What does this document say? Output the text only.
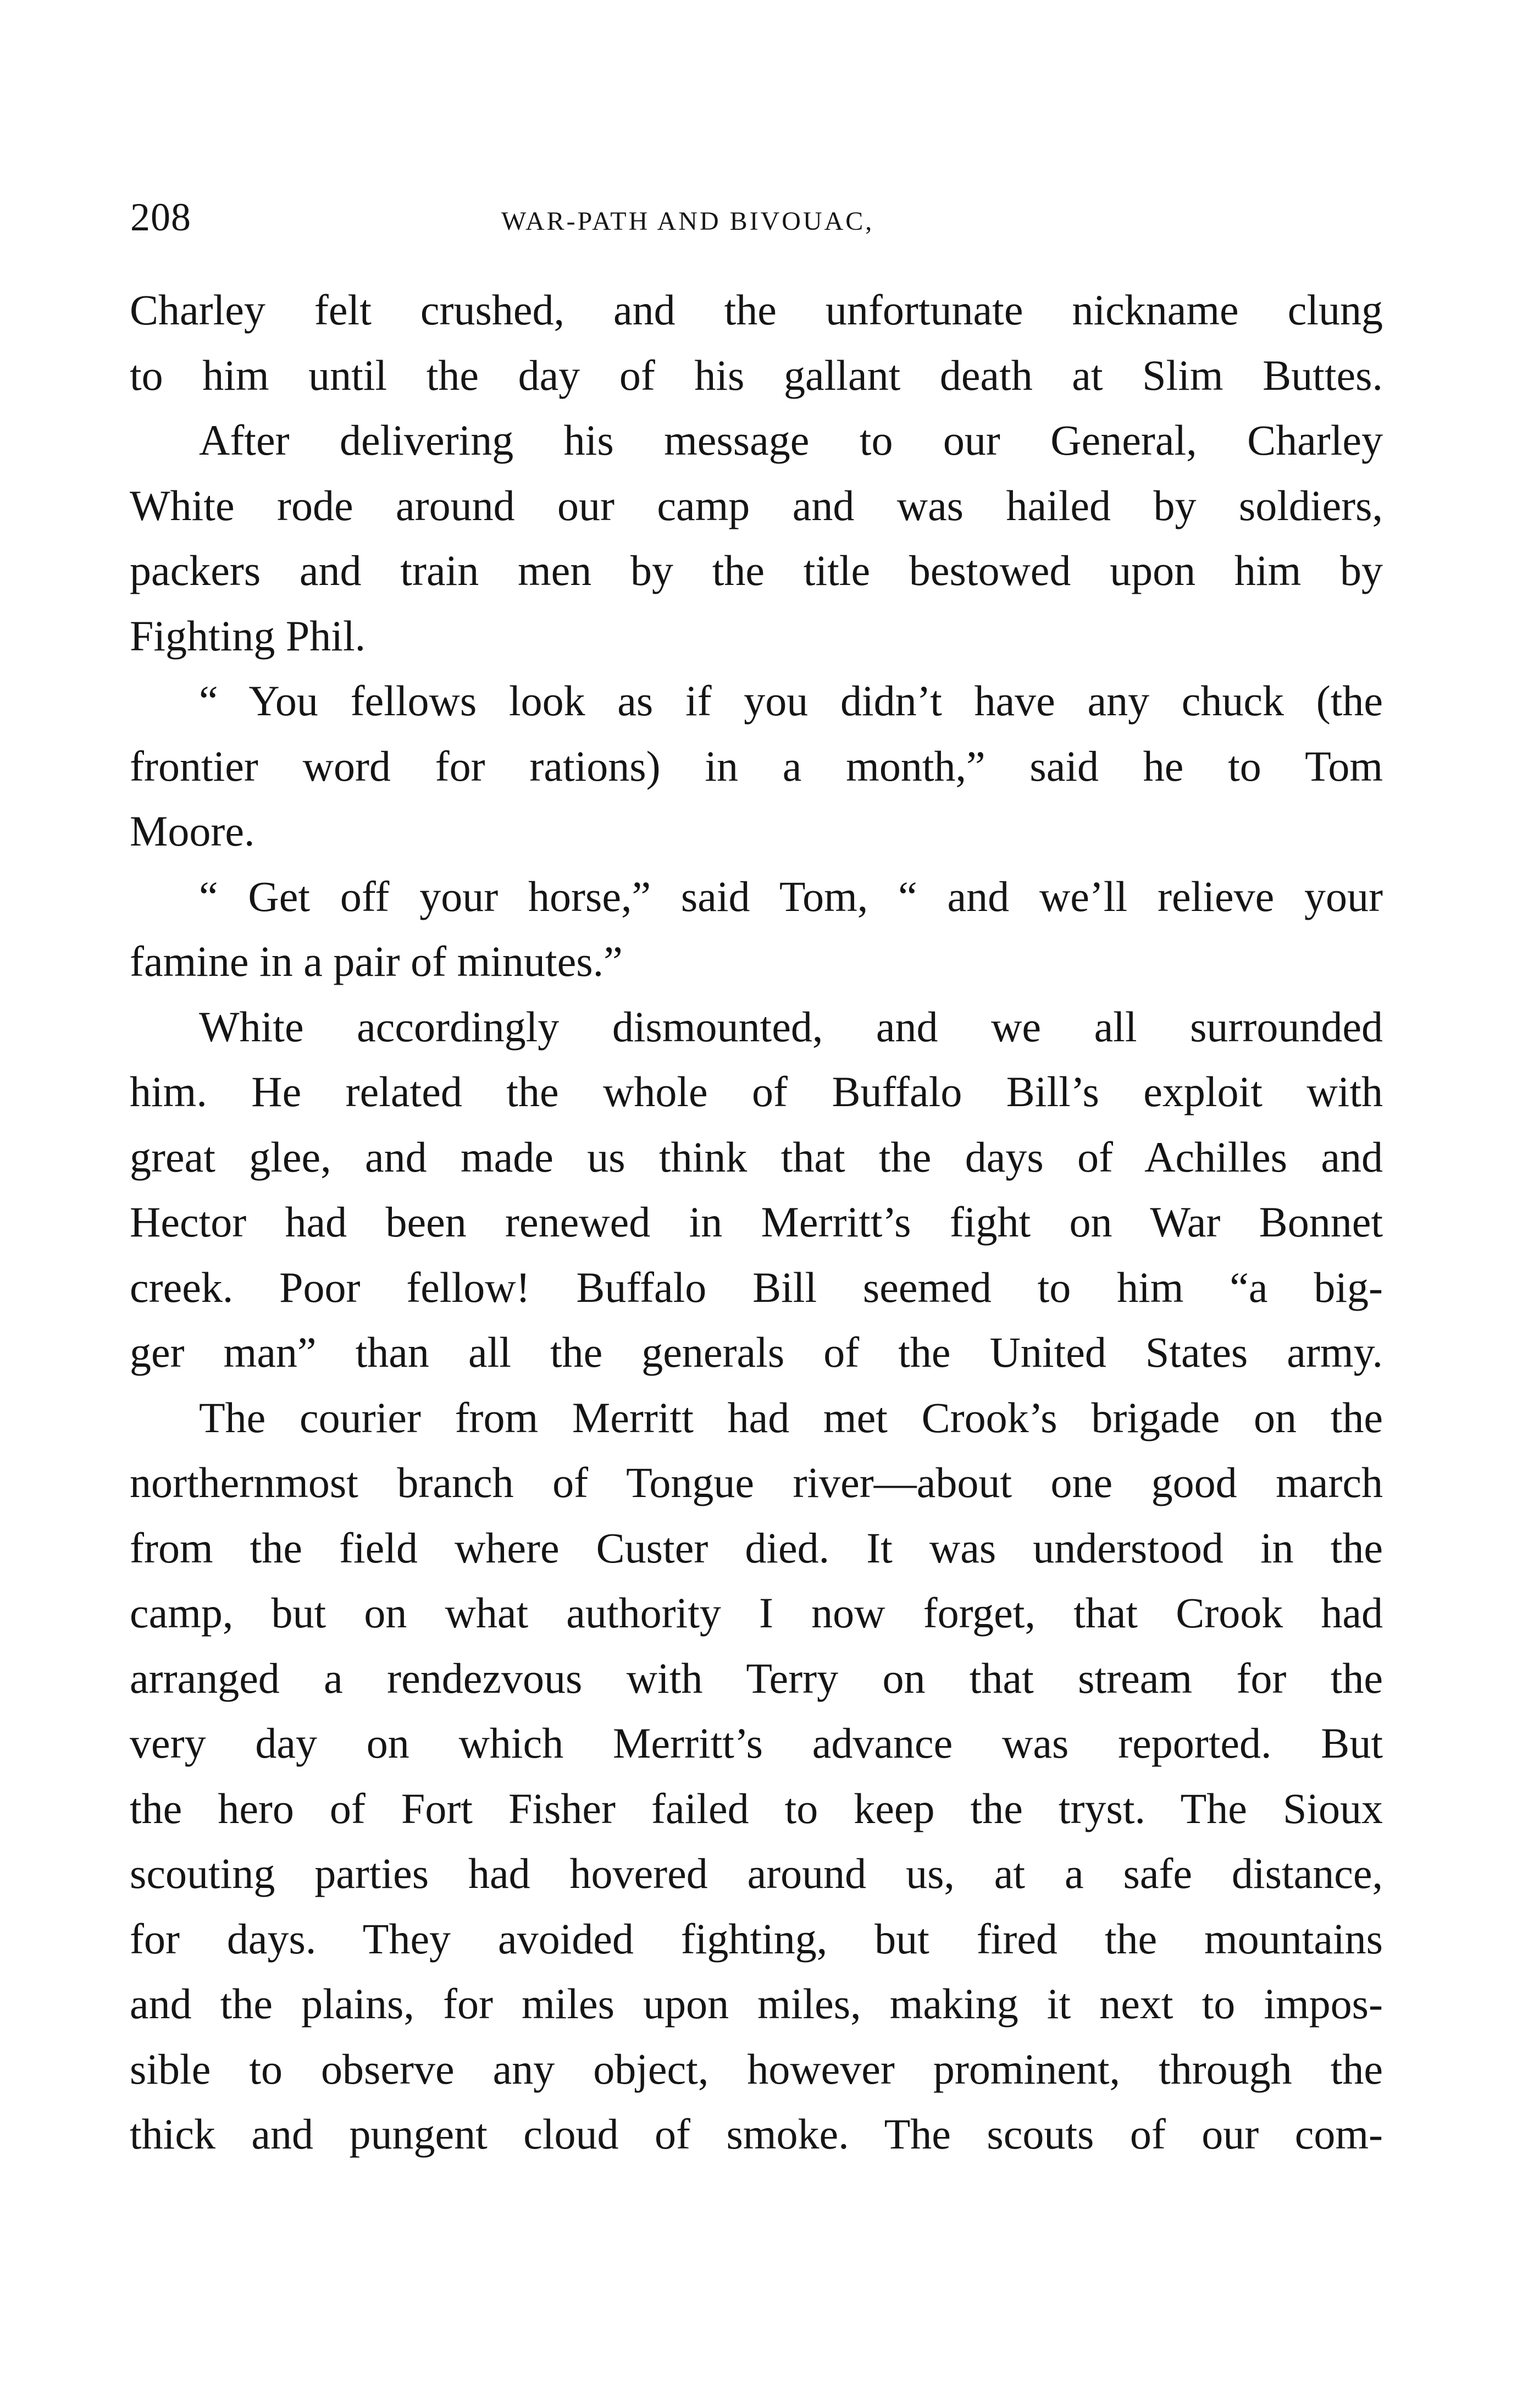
208	WAR-PATH AND BIVOUAC,
Charley felt crushed, and the unfortunate nickname clung
to him until the day of his gallant death at Slim Buttes.
After delivering his message to our General, Charley
White rode around our camp and was hailed by soldiers,
packers and train men by the title bestowed upon him by
Fighting Phil.
“ You fellows look as if you didn’t have any chuck (the
frontier word for rations) in a month,” said he to Tom
Moore.
“ Get off your horse,” said Tom, “ and we’ll relieve your
famine in a pair of minutes.”
White accordingly dismounted, and we all surrounded
him. He related the whole of Buffalo Bill’s exploit with
great glee, and made us think that the days of Achilles and
Hector had been renewed in Merritt’s fight on War Bonnet
creek. Poor fellow! Buffalo Bill seemed to him “a big-
ger man” than all the generals of the United States army.
The courier from Merritt had met Crook’s brigade on the
northernmost branch of Tongue river—about one good march
from the field where Custer died. It was understood in the
camp, but on what authority I now forget, that Crook had
arranged a rendezvous with Terry on that stream for the
very day on which Merritt’s advance was reported. But
the hero of Fort Fisher failed to keep the tryst. The Sioux
scouting parties had hovered around us, at a safe distance,
for days. They avoided fighting, but fired the mountains
and the plains, for miles upon miles, making it next to impos-
sible to observe any object, however prominent, through the
thick and pungent cloud of smoke. The scouts of our com-
